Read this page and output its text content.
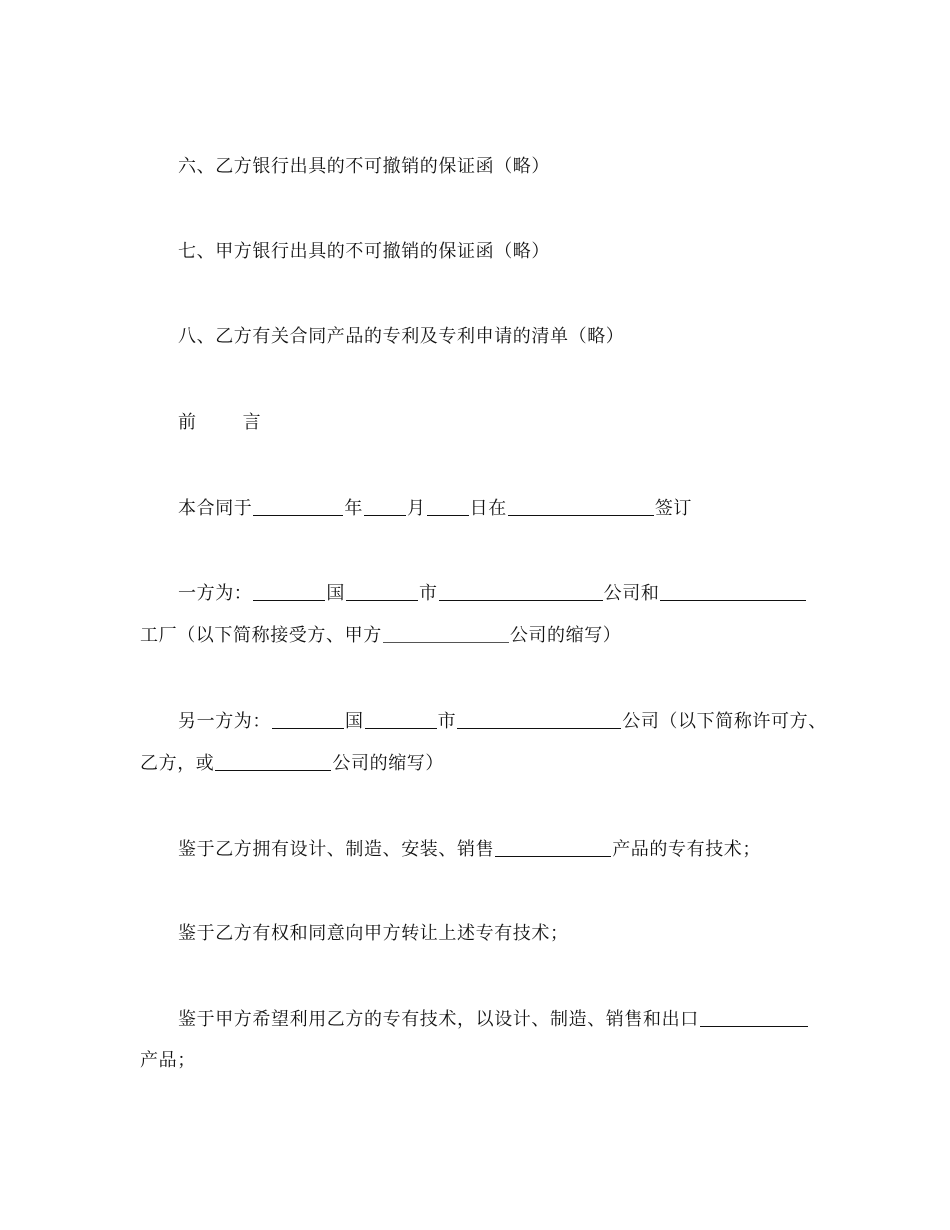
六、乙方银行出具的不可撤销的保证函（略）
七、甲方银行出具的不可撤销的保证函（略）
八、乙方有关合同产品的专利及专利申请的清单（略）
前	言
本合同于	年 月 日在	签订
一方为：	国	市	公司和
工厂（以下简称接受方、甲方	公司的缩写）
另一方为：	国	市	公司（以下简称许可方、
乙方，或	公司的缩写）
鉴于乙方拥有设计、制造、安装、销售	产品的专有技术；
鉴于乙方有权和同意向甲方转让上述专有技术；
鉴于甲方希望利用乙方的专有技术，以设计、制造、销售和出口
产品；
